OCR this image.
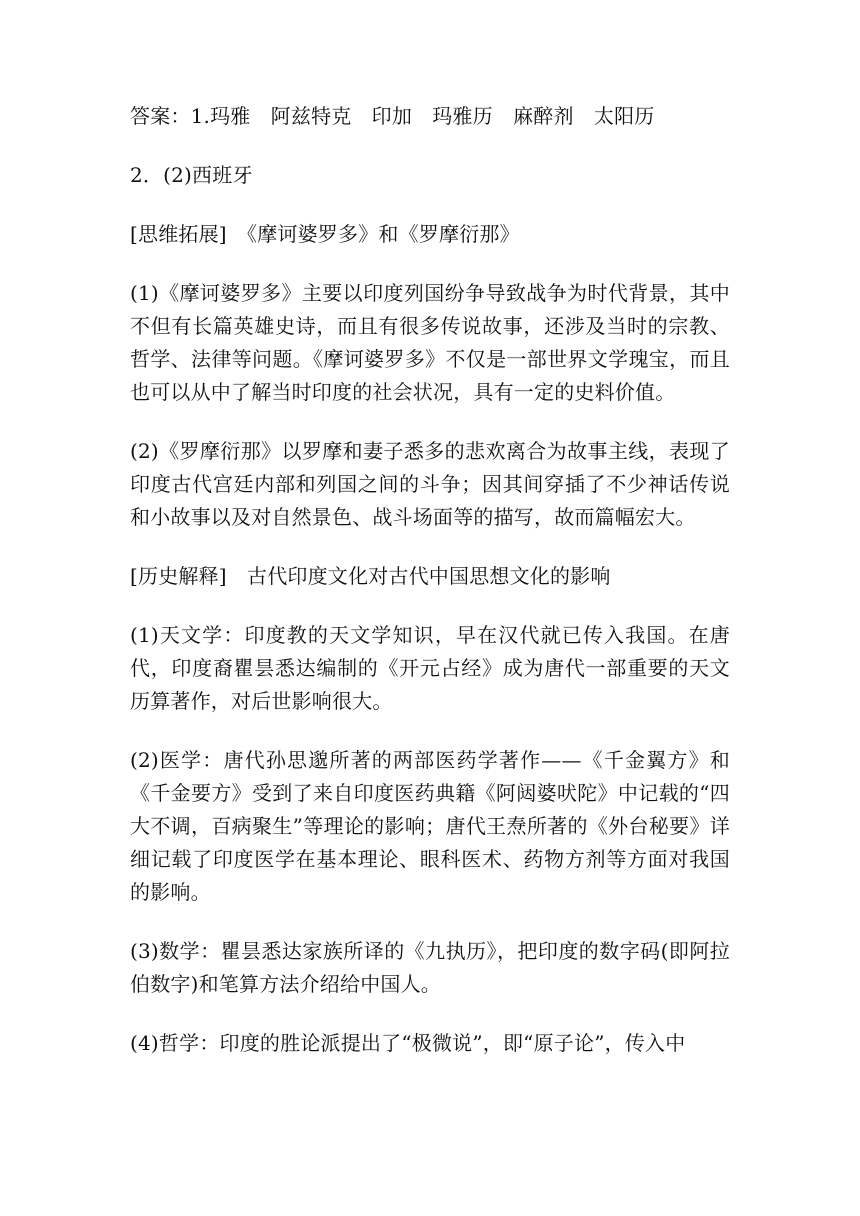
答案：1.玛雅　阿兹特克　印加　玛雅历　麻醉剂　太阳历

2．(2)西班牙

[思维拓展]　《摩诃婆罗多》和《罗摩衍那》

(1)《摩诃婆罗多》主要以印度列国纷争导致战争为时代背景，其中不但有长篇英雄史诗，而且有很多传说故事，还涉及当时的宗教、哲学、法律等问题。《摩诃婆罗多》不仅是一部世界文学瑰宝，而且也可以从中了解当时印度的社会状况，具有一定的史料价值。

(2)《罗摩衍那》以罗摩和妻子悉多的悲欢离合为故事主线，表现了印度古代宫廷内部和列国之间的斗争；因其间穿插了不少神话传说和小故事以及对自然景色、战斗场面等的描写，故而篇幅宏大。

[历史解释]　古代印度文化对古代中国思想文化的影响

(1)天文学：印度教的天文学知识，早在汉代就已传入我国。在唐代，印度裔瞿昙悉达编制的《开元占经》成为唐代一部重要的天文历算著作，对后世影响很大。

(2)医学：唐代孙思邈所著的两部医药学著作——《千金翼方》和《千金要方》受到了来自印度医药典籍《阿闼婆吠陀》中记载的“四大不调，百病聚生”等理论的影响；唐代王焘所著的《外台秘要》详细记载了印度医学在基本理论、眼科医术、药物方剂等方面对我国的影响。

(3)数学：瞿昙悉达家族所译的《九执历》，把印度的数字码(即阿拉伯数字)和笔算方法介绍给中国人。

(4)哲学：印度的胜论派提出了“极微说”，即“原子论”，传入中
